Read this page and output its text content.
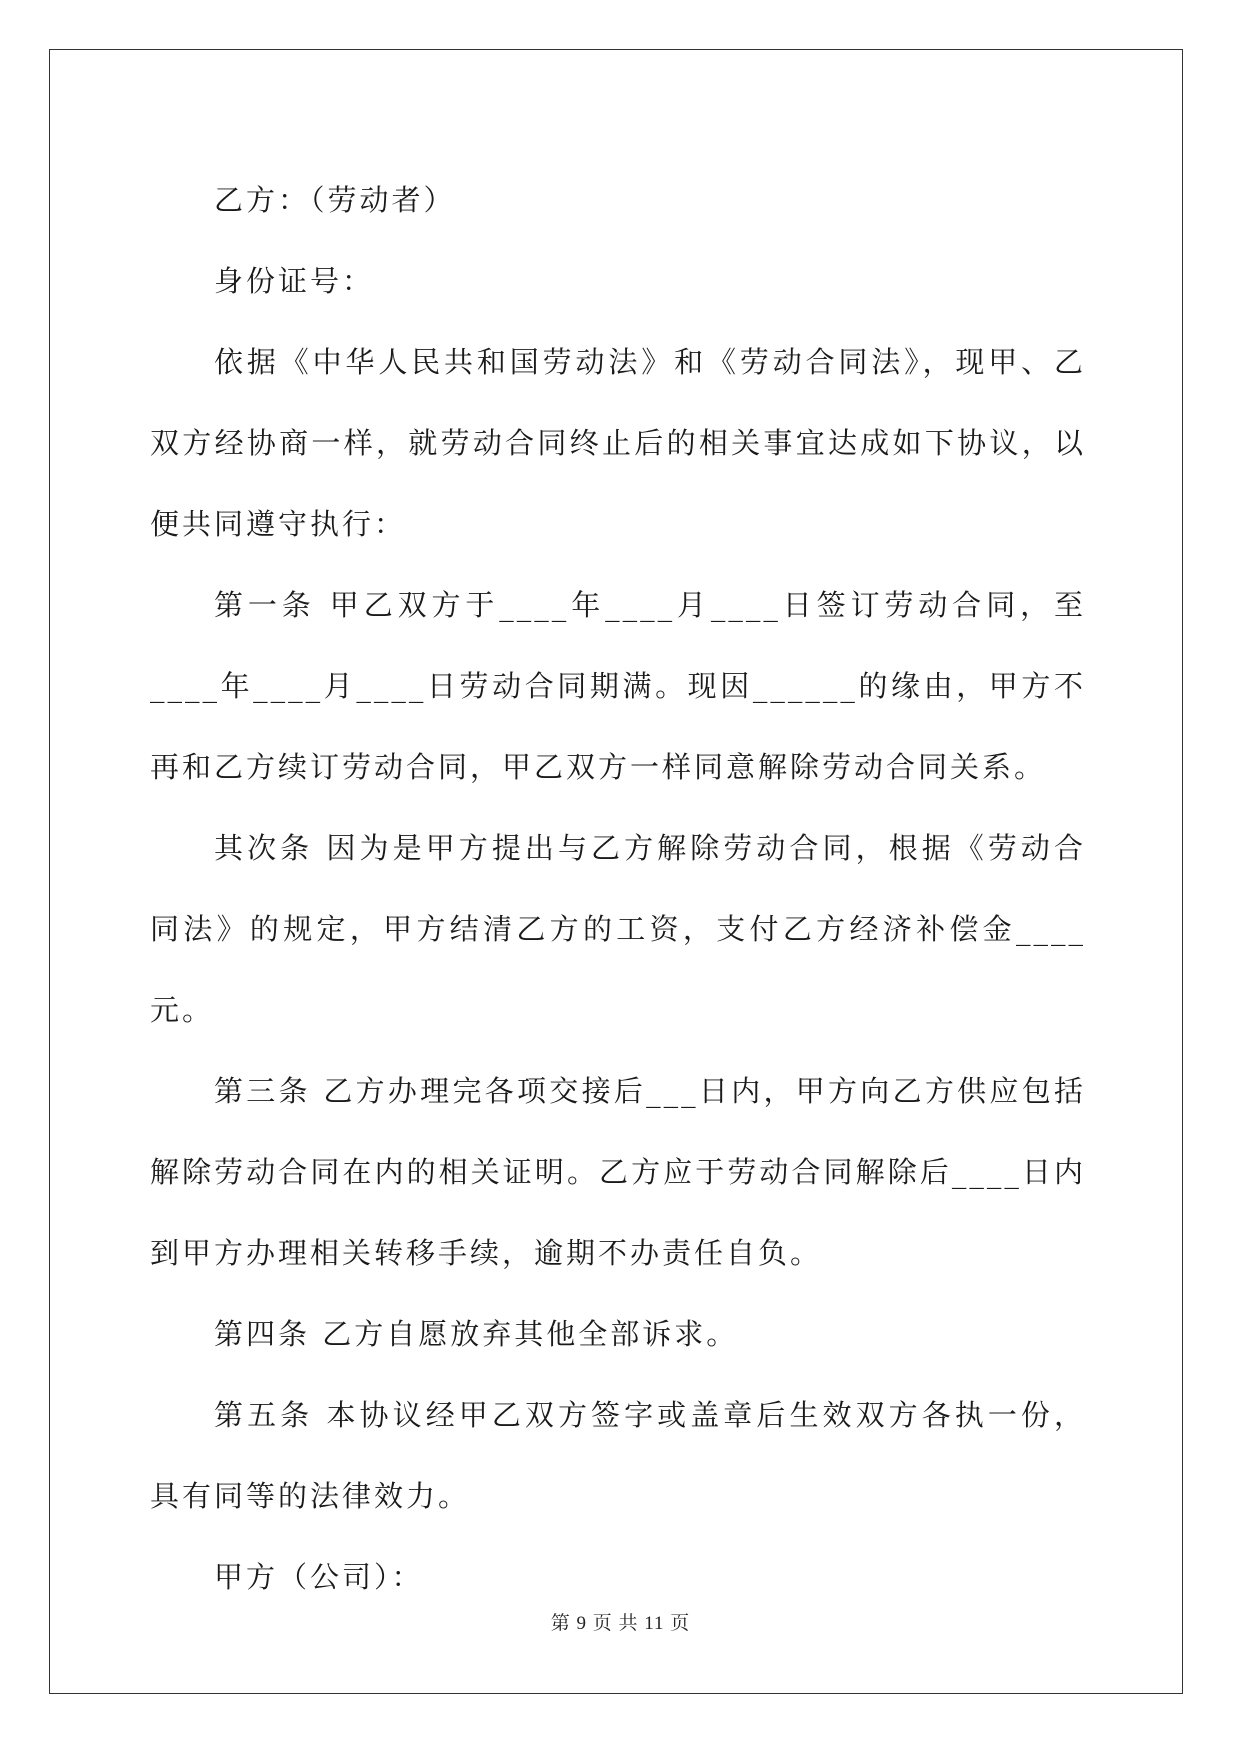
乙方：（劳动者）

身份证号：

依据《中华人民共和国劳动法》和《劳动合同法》，现甲、乙双方经协商一样，就劳动合同终止后的相关事宜达成如下协议，以便共同遵守执行：

第一条 甲乙双方于____年____月____日签订劳动合同，至____年____月____日劳动合同期满。现因______的缘由，甲方不再和乙方续订劳动合同，甲乙双方一样同意解除劳动合同关系。

其次条 因为是甲方提出与乙方解除劳动合同，根据《劳动合同法》的规定，甲方结清乙方的工资，支付乙方经济补偿金____元。

第三条 乙方办理完各项交接后___日内，甲方向乙方供应包括解除劳动合同在内的相关证明。乙方应于劳动合同解除后____日内到甲方办理相关转移手续，逾期不办责任自负。

第四条 乙方自愿放弃其他全部诉求。

第五条 本协议经甲乙双方签字或盖章后生效双方各执一份，具有同等的法律效力。

甲方（公司）：

第 9 页 共 11 页
